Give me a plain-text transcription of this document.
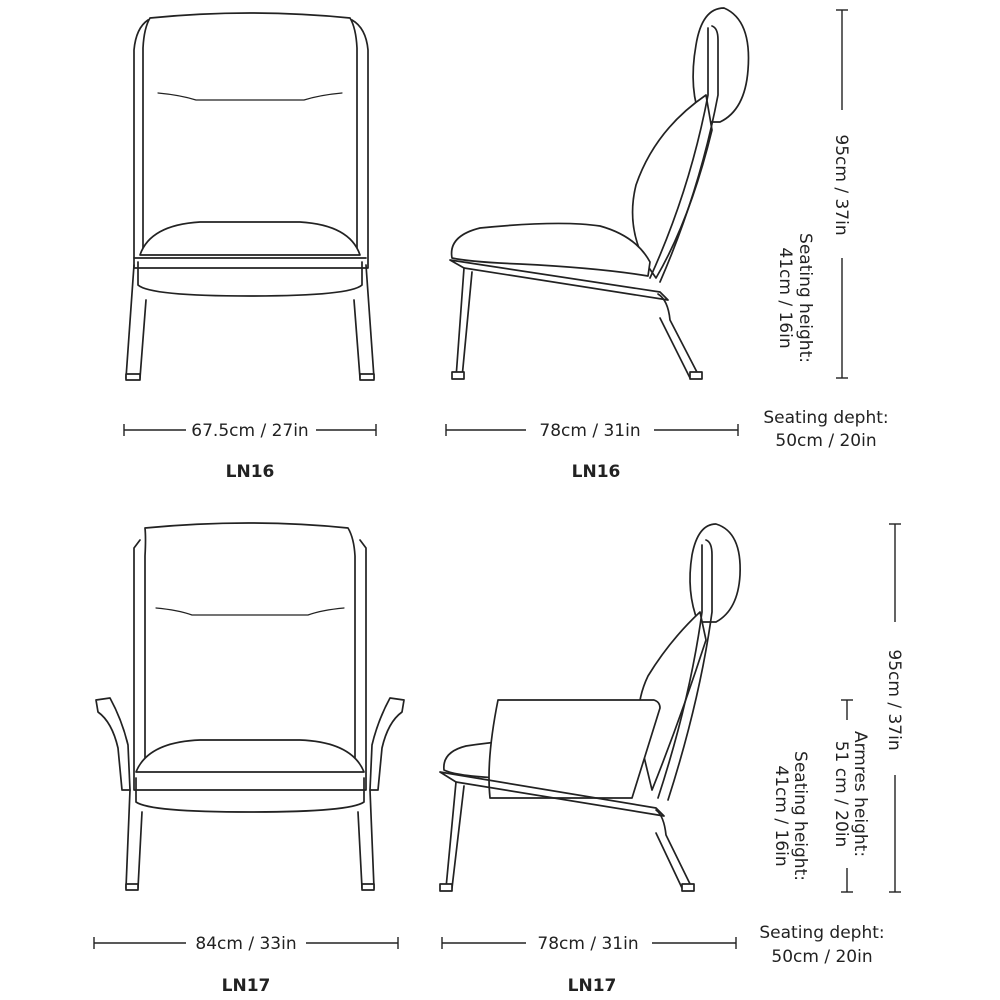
67.5cm / 27in	78cm / 31in
95cm / 37in
Seating height:
41cm / 16in
Seating depht:
50cm / 20in
LN16	LN16
84cm / 33in	78cm / 31in
95cm / 37in
Armres height:
51 cm / 20in
Seating height:
41cm / 16in
Seating depht:
50cm / 20in
LN17	LN17
